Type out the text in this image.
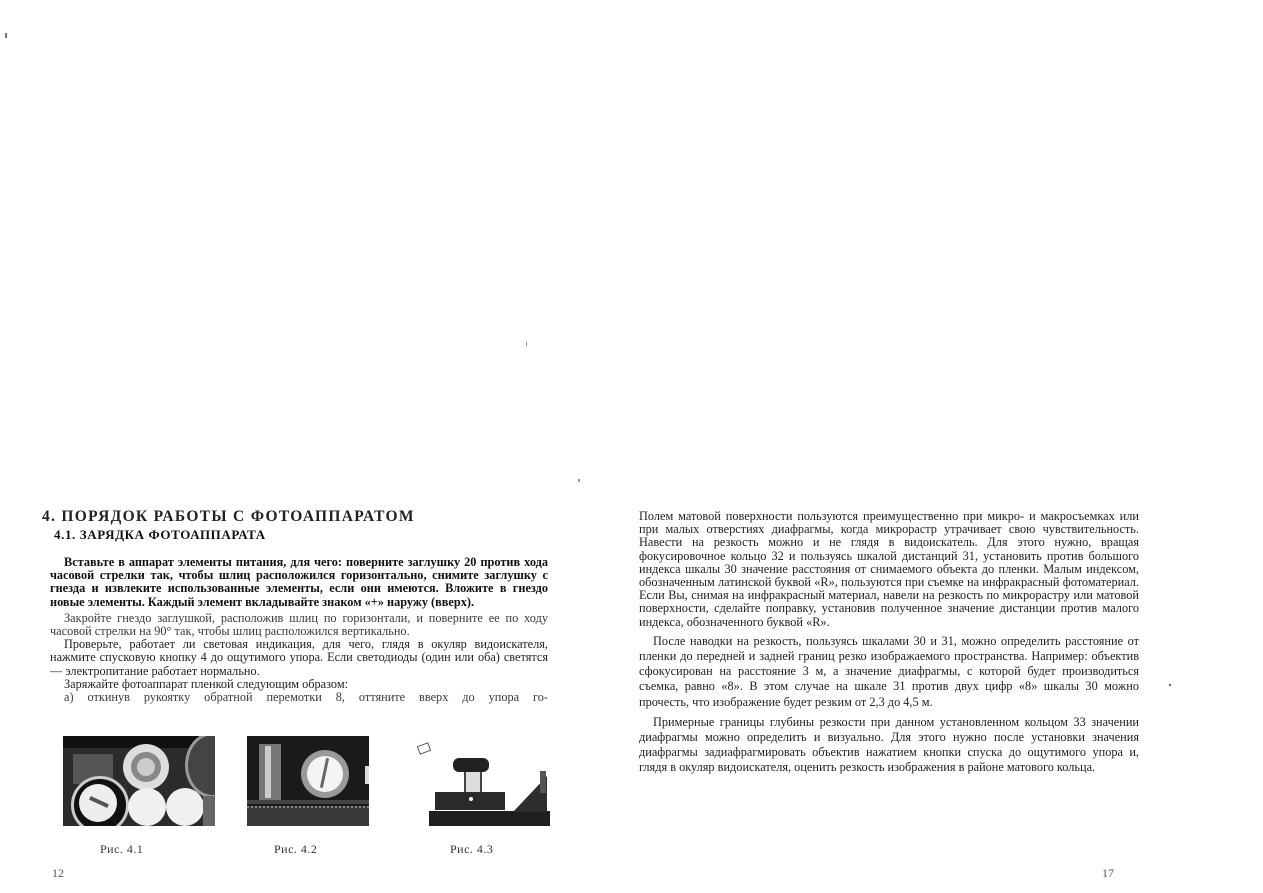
4. ПОРЯДОК РАБОТЫ С ФОТОАППАРАТОМ
4.1. ЗАРЯДКА ФОТОАППАРАТА

Вставьте в аппарат элементы питания, для чего: поверните заглушку 20 против хода часовой стрелки так, чтобы шлиц расположился горизонтально, снимите заглушку с гнезда и извлеките использованные элементы, если они имеются. Вложите в гнездо новые элементы. Каждый элемент вкладывайте знаком «+» наружу (вверх).

Закройте гнездо заглушкой, расположив шлиц по горизонтали, и поверните ее по ходу часовой стрелки на 90° так, чтобы шлиц расположился вертикально.

Проверьте, работает ли световая индикация, для чего, глядя в окуляр видоискателя, нажмите спусковую кнопку 4 до ощутимого упора. Если светодиоды (один или оба) светятся — электропитание работает нормально.

Заряжайте фотоаппарат пленкой следующим образом:

а) откинув рукоятку обратной перемотки 8, оттяните вверх до упора го-

Рис. 4.1	Рис. 4.2	Рис. 4.3
12

Полем матовой поверхности пользуются преимущественно при микро- и макросъемках или при малых отверстиях диафрагмы, когда микрорастр утрачивает свою чувствительность. Навести на резкость можно и не глядя в видоискатель. Для этого нужно, вращая фокусировочное кольцо 32 и пользуясь шкалой дистанций 31, установить против большого индекса шкалы 30 значение расстояния от снимаемого объекта до пленки. Малым индексом, обозначенным латинской буквой «R», пользуются при съемке на инфракрасный фотоматериал. Если Вы, снимая на инфракрасный материал, навели на резкость по микрорастру или матовой поверхности, сделайте поправку, установив полученное значение дистанции против малого индекса, обозначенного буквой «R».

После наводки на резкость, пользуясь шкалами 30 и 31, можно определить расстояние от пленки до передней и задней границ резко изображаемого пространства. Например: объектив сфокусирован на расстояние 3 м, а значение диафрагмы, с которой будет производиться съемка, равно «8». В этом случае на шкале 31 против двух цифр «8» шкалы 30 можно прочесть, что изображение будет резким от 2,3 до 4,5 м.

Примерные границы глубины резкости при данном установленном кольцом 33 значении диафрагмы можно определить и визуально. Для этого нужно после установки значения диафрагмы задиафрагмировать объектив нажатием кнопки спуска до ощутимого упора и, глядя в окуляр видоискателя, оценить резкость изображения в районе матового кольца.

17
